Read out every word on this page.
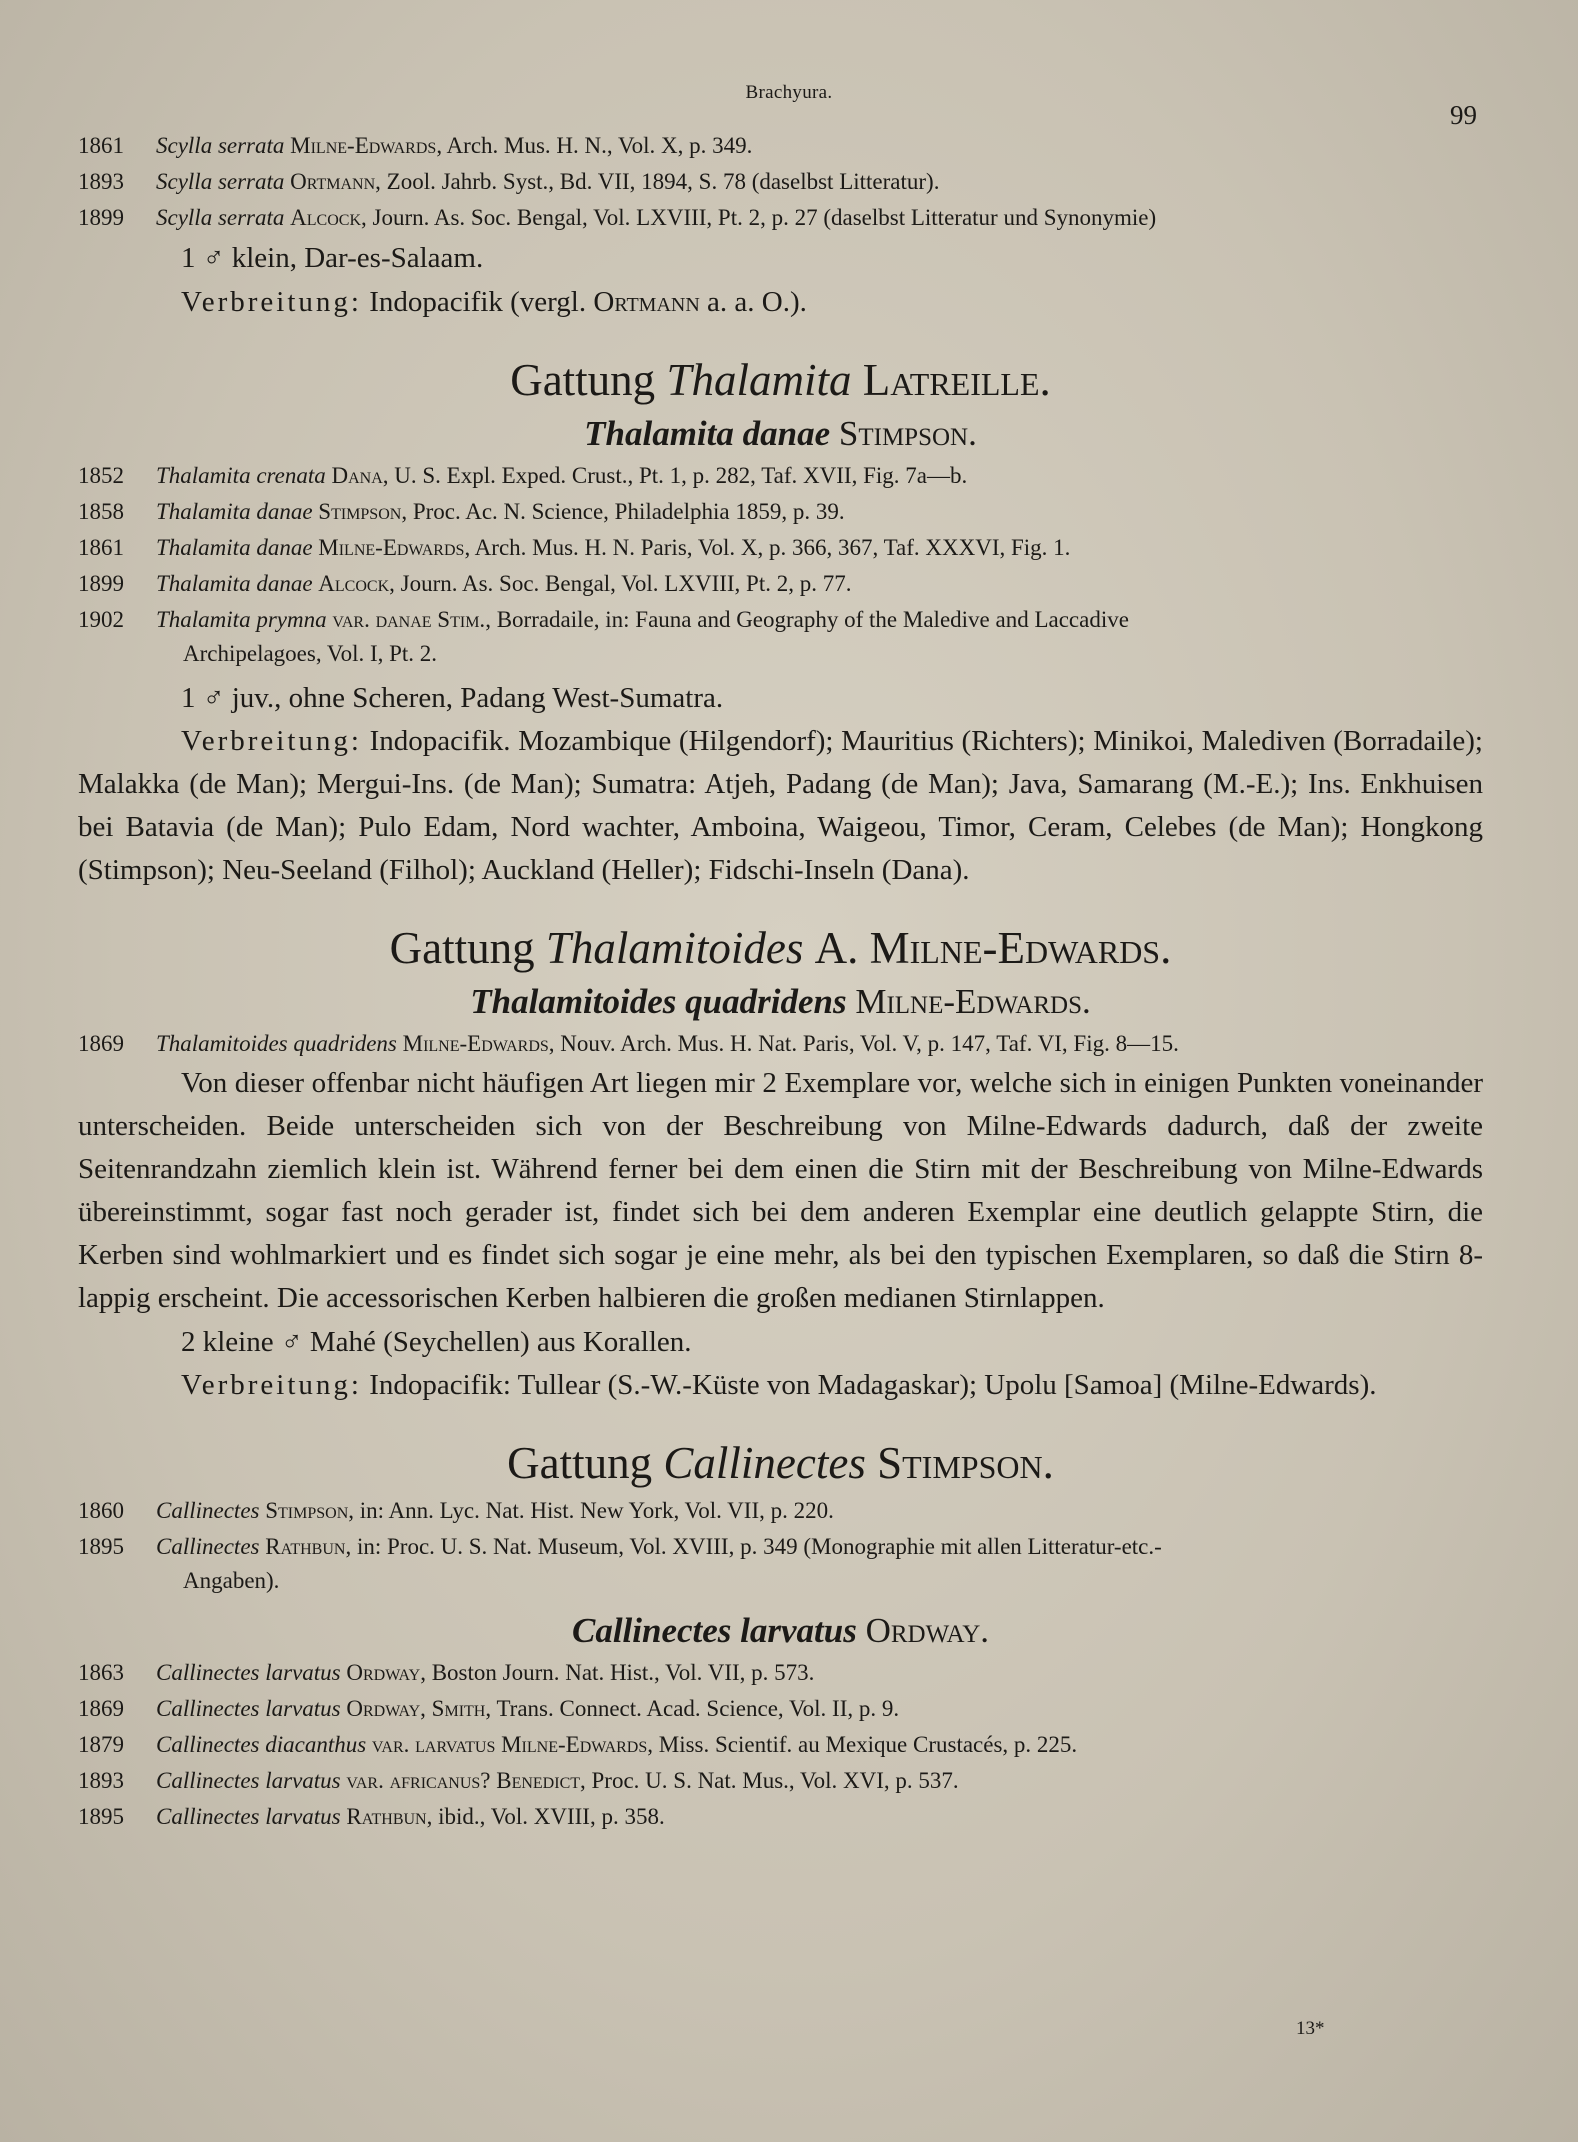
Brachyura.
99
1861 Scylla serrata Milne-Edwards, Arch. Mus. H. N., Vol. X, p. 349.
1893 Scylla serrata Ortmann, Zool. Jahrb. Syst., Bd. VII, 1894, S. 78 (daselbst Litteratur).
1899 Scylla serrata Alcock, Journ. As. Soc. Bengal, Vol. LXVIII, Pt. 2, p. 27 (daselbst Litteratur und Synonymie)
1 ♂ klein, Dar-es-Salaam.
Verbreitung: Indopacifik (vergl. Ortmann a. a. O.).
Gattung Thalamita Latreille.
Thalamita danae Stimpson.
1852 Thalamita crenata Dana, U. S. Expl. Exped. Crust., Pt. 1, p. 282, Taf. XVII, Fig. 7a—b.
1858 Thalamita danae Stimpson, Proc. Ac. N. Science, Philadelphia 1859, p. 39.
1861 Thalamita danae Milne-Edwards, Arch. Mus. H. N. Paris, Vol. X, p. 366, 367, Taf. XXXVI, Fig. 1.
1899 Thalamita danae Alcock, Journ. As. Soc. Bengal, Vol. LXVIII, Pt. 2, p. 77.
1902 Thalamita prymna var. danae Stim., Borradaile, in: Fauna and Geography of the Maledive and Laccadive
Archipelagoes, Vol. I, Pt. 2.
1 ♂ juv., ohne Scheren, Padang West-Sumatra.
Verbreitung: Indopacifik. Mozambique (Hilgendorf); Mauritius (Richters); Minikoi, Malediven (Borradaile); Malakka (de Man); Mergui-Ins. (de Man); Sumatra: Atjeh, Padang (de Man); Java, Samarang (M.-E.); Ins. Enkhuisen bei Batavia (de Man); Pulo Edam, Nord wachter, Amboina, Waigeou, Timor, Ceram, Celebes (de Man); Hongkong (Stimpson); Neu-Seeland (Filhol); Auckland (Heller); Fidschi-Inseln (Dana).
Gattung Thalamitoides A. Milne-Edwards.
Thalamitoides quadridens Milne-Edwards.
1869 Thalamitoides quadridens Milne-Edwards, Nouv. Arch. Mus. H. Nat. Paris, Vol. V, p. 147, Taf. VI, Fig. 8—15.
Von dieser offenbar nicht häufigen Art liegen mir 2 Exemplare vor, welche sich in einigen Punkten voneinander unterscheiden. Beide unterscheiden sich von der Beschreibung von Milne-Edwards dadurch, daß der zweite Seitenrandzahn ziemlich klein ist. Während ferner bei dem einen die Stirn mit der Beschreibung von Milne-Edwards übereinstimmt, sogar fast noch gerader ist, findet sich bei dem anderen Exemplar eine deutlich gelappte Stirn, die Kerben sind wohlmarkiert und es findet sich sogar je eine mehr, als bei den typischen Exemplaren, so daß die Stirn 8-lappig erscheint. Die accessorischen Kerben halbieren die großen medianen Stirnlappen.
2 kleine ♂ Mahé (Seychellen) aus Korallen.
Verbreitung: Indopacifik: Tullear (S.-W.-Küste von Madagaskar); Upolu [Samoa] (Milne-Edwards).
Gattung Callinectes Stimpson.
1860 Callinectes Stimpson, in: Ann. Lyc. Nat. Hist. New York, Vol. VII, p. 220.
1895 Callinectes Rathbun, in: Proc. U. S. Nat. Museum, Vol. XVIII, p. 349 (Monographie mit allen Litteratur-etc.-
Angaben).
Callinectes larvatus Ordway.
1863 Callinectes larvatus Ordway, Boston Journ. Nat. Hist., Vol. VII, p. 573.
1869 Callinectes larvatus Ordway, Smith, Trans. Connect. Acad. Science, Vol. II, p. 9.
1879 Callinectes diacanthus var. larvatus Milne-Edwards, Miss. Scientif. au Mexique Crustacés, p. 225.
1893 Callinectes larvatus var. africanus? Benedict, Proc. U. S. Nat. Mus., Vol. XVI, p. 537.
1895 Callinectes larvatus Rathbun, ibid., Vol. XVIII, p. 358.
13*
